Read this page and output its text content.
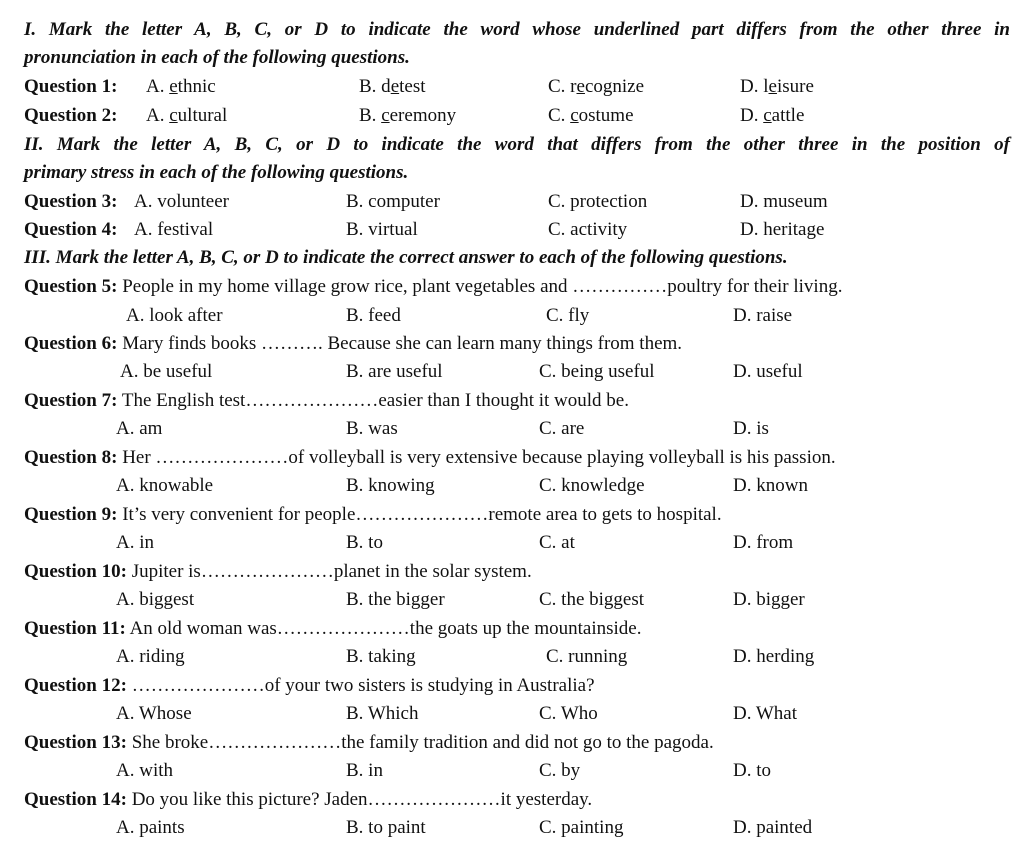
I. Mark the letter A, B, C, or D to indicate the word whose underlined part differs from the other three in
pronunciation in each of the following questions.
Question 1: A. ethnic	B. detest	C. recognize	D. leisure
Question 2: A. cultural	B. ceremony	C. costume	D. cattle
II. Mark the letter A, B, C, or D to indicate the word that differs from the other three in the position of
primary stress in each of the following questions.
Question 3: A. volunteer	B. computer	C. protection	D. museum
Question 4: A. festival	B. virtual	C. activity	D. heritage
III. Mark the letter A, B, C, or D to indicate the correct answer to each of the following questions.
Question 5: People in my home village grow rice, plant vegetables and ……………poultry for their living.
A. look after	B. feed	C. fly	D. raise
Question 6: Mary finds books ………. Because she can learn many things from them.
A. be useful	B. are useful	C. being useful	D. useful
Question 7: The English test…………………easier than I thought it would be.
A. am	B. was	C. are	D. is
Question 8: Her …………………of volleyball is very extensive because playing volleyball is his passion.
A. knowable	B. knowing	C. knowledge	D. known
Question 9: It’s very convenient for people…………………remote area to gets to hospital.
A. in	B. to	C. at	D. from
Question 10: Jupiter is…………………planet in the solar system.
A. biggest	B. the bigger	C. the biggest	D. bigger
Question 11: An old woman was…………………the goats up the mountainside.
A. riding	B. taking	C. running	D. herding
Question 12: …………………of your two sisters is studying in Australia?
A. Whose	B. Which	C. Who	D. What
Question 13: She broke…………………the family tradition and did not go to the pagoda.
A. with	B. in	C. by	D. to
Question 14: Do you like this picture? Jaden…………………it yesterday.
A. paints	B. to paint	C. painting	D. painted
